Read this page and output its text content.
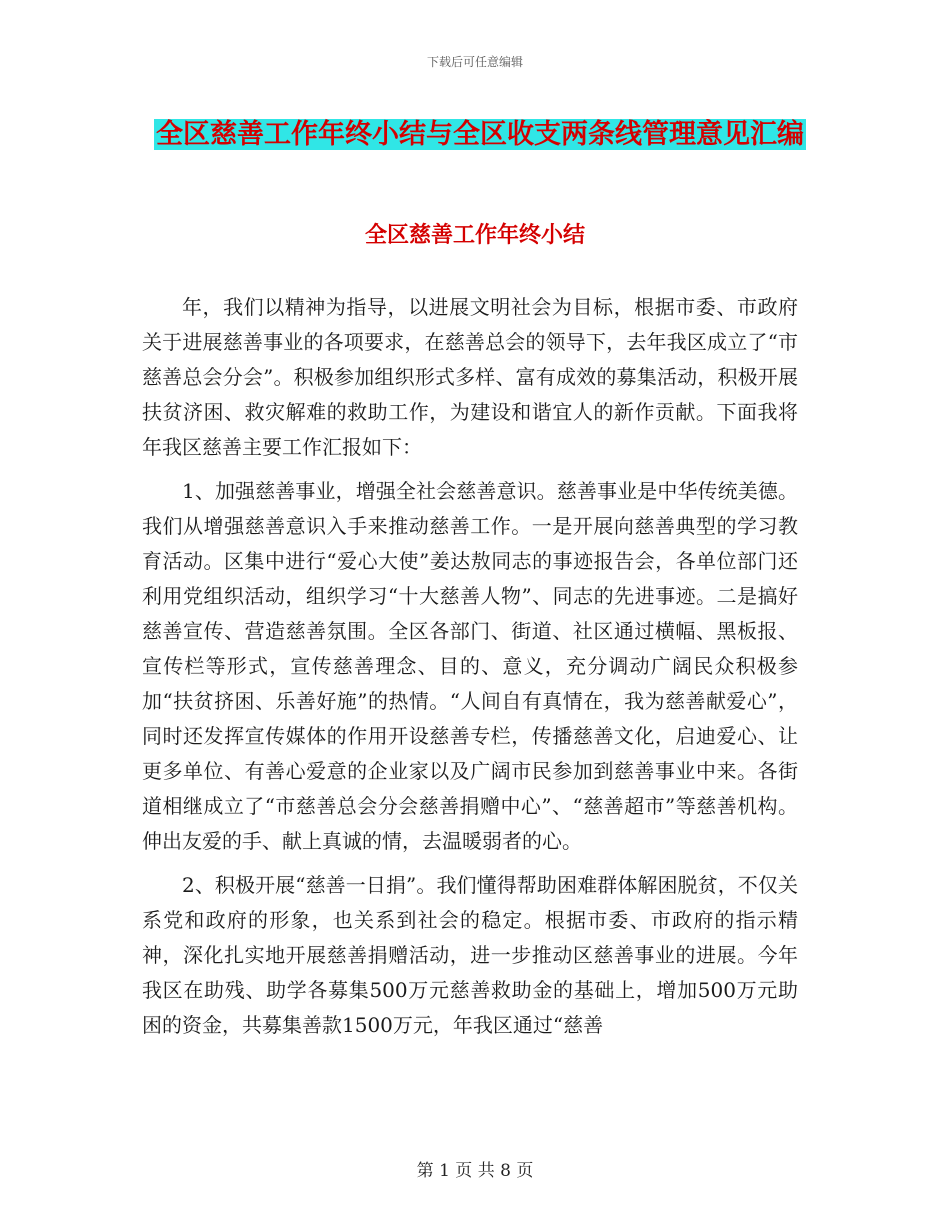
下载后可任意编辑
全区慈善工作年终小结与全区收支两条线管理意见汇编
全区慈善工作年终小结

年，我们以精神为指导，以进展文明社会为目标，根据市委、市政府关于进展慈善事业的各项要求，在慈善总会的领导下，去年我区成立了“市慈善总会分会”。积极参加组织形式多样、富有成效的募集活动，积极开展扶贫济困、救灾解难的救助工作，为建设和谐宜人的新作贡献。下面我将年我区慈善主要工作汇报如下：

1、加强慈善事业，增强全社会慈善意识。慈善事业是中华传统美德。我们从增强慈善意识入手来推动慈善工作。一是开展向慈善典型的学习教育活动。区集中进行“爱心大使”姜达敖同志的事迹报告会，各单位部门还利用党组织活动，组织学习“十大慈善人物”、同志的先进事迹。二是搞好慈善宣传、营造慈善氛围。全区各部门、街道、社区通过横幅、黑板报、宣传栏等形式，宣传慈善理念、目的、意义，充分调动广阔民众积极参加“扶贫挤困、乐善好施”的热情。“人间自有真情在，我为慈善献爱心”，同时还发挥宣传媒体的作用开设慈善专栏，传播慈善文化，启迪爱心、让更多单位、有善心爱意的企业家以及广阔市民参加到慈善事业中来。各街道相继成立了“市慈善总会分会慈善捐赠中心”、“慈善超市”等慈善机构。伸出友爱的手、献上真诚的情，去温暖弱者的心。

2、积极开展“慈善一日捐”。我们懂得帮助困难群体解困脱贫，不仅关系党和政府的形象，也关系到社会的稳定。根据市委、市政府的指示精神，深化扎实地开展慈善捐赠活动，进一步推动区慈善事业的进展。今年我区在助残、助学各募集500万元慈善救助金的基础上，增加500万元助困的资金，共募集善款1500万元，年我区通过“慈善

第 1 页 共 8 页
